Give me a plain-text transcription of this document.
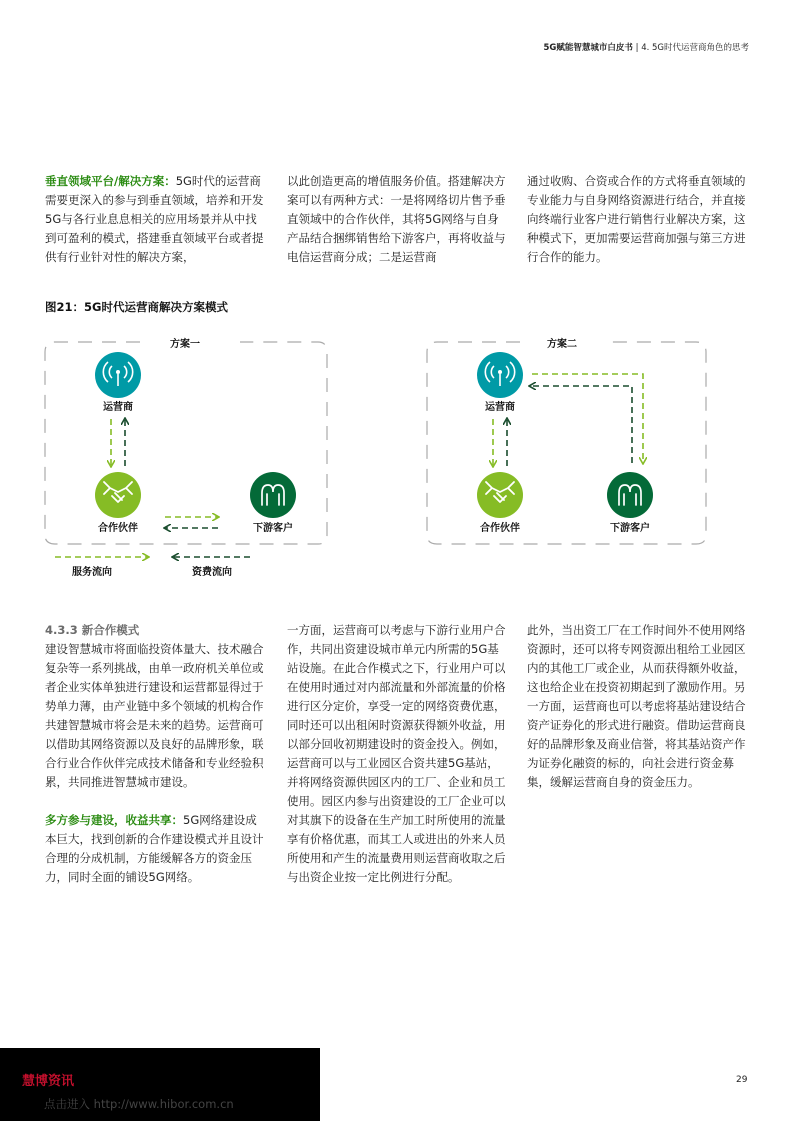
5G赋能智慧城市白皮书 | 4. 5G时代运营商角色的思考

垂直领域平台/解决方案：5G时代的运营商需要更深入的参与到垂直领域，培养和开发5G与各行业息息相关的应用场景并从中找到可盈利的模式，搭建垂直领域平台或者提供有行业针对性的解决方案，

以此创造更高的增值服务价值。搭建解决方案可以有两种方式：一是将网络切片售予垂直领域中的合作伙伴，其将5G网络与自身产品结合捆绑销售给下游客户，再将收益与电信运营商分成；二是运营商

通过收购、合资或合作的方式将垂直领域的专业能力与自身网络资源进行结合，并直接向终端行业客户进行销售行业解决方案，这种模式下，更加需要运营商加强与第三方进行合作的能力。

图21：5G时代运营商解决方案模式
方案一
运营商
合作伙伴	下游客户
方案二
运营商
合作伙伴	下游客户
服务流向	资费流向

4.3.3 新合作模式

建设智慧城市将面临投资体量大、技术融合复杂等一系列挑战，由单一政府机关单位或者企业实体单独进行建设和运营都显得过于势单力薄，由产业链中多个领域的机构合作共建智慧城市将会是未来的趋势。运营商可以借助其网络资源以及良好的品牌形象，联合行业合作伙伴完成技术储备和专业经验积累，共同推进智慧城市建设。

多方参与建设，收益共享：5G网络建设成本巨大，找到创新的合作建设模式并且设计合理的分成机制，方能缓解各方的资金压力，同时全面的铺设5G网络。

一方面，运营商可以考虑与下游行业用户合作，共同出资建设城市单元内所需的5G基站设施。在此合作模式之下，行业用户可以在使用时通过对内部流量和外部流量的价格进行区分定价，享受一定的网络资费优惠，同时还可以出租闲时资源获得额外收益，用以部分回收初期建设时的资金投入。例如，运营商可以与工业园区合资共建5G基站，并将网络资源供园区内的工厂、企业和员工使用。园区内参与出资建设的工厂企业可以对其旗下的设备在生产加工时所使用的流量享有价格优惠，而其工人或进出的外来人员所使用和产生的流量费用则运营商收取之后与出资企业按一定比例进行分配。

此外，当出资工厂在工作时间外不使用网络资源时，还可以将专网资源出租给工业园区内的其他工厂或企业，从而获得额外收益，这也给企业在投资初期起到了激励作用。另一方面，运营商也可以考虑将基站建设结合资产证券化的形式进行融资。借助运营商良好的品牌形象及商业信誉，将其基站资产作为证券化融资的标的，向社会进行资金募集，缓解运营商自身的资金压力。

慧博资讯
点击进入 http://www.hibor.com.cn
29
